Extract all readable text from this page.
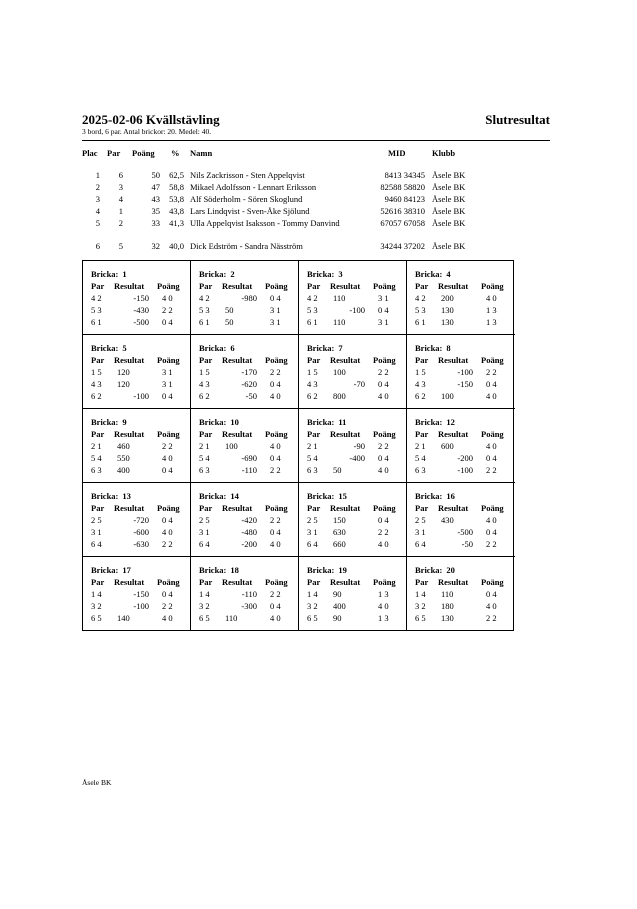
2025-02-06 Kvällstävling	Slutresultat
3 bord, 6 par. Antal brickor: 20. Medel: 40.
Plac Par Poäng % Namn	MID	Klubb
1	6	50	62,5 Nils Zackrisson - Sten Appelqvist	8413 34345 Åsele BK
2	3	47	58,8 Mikael Adolfsson - Lennart Eriksson	82588 58820 Åsele BK
3	4	43	53,8 Alf Söderholm - Sören Skoglund	9460 84123 Åsele BK
4	1	35	43,8 Lars Lindqvist - Sven-Åke Sjölund	52616 38310 Åsele BK
5	2	33	41,3 Ulla Appelqvist Isaksson - Tommy Danvind	67057 67058 Åsele BK
6	5	32	40,0 Dick Edström - Sandra Näsström	34244 37202 Åsele BK
Bricka: 1
Par Resultat Poäng
4 2	-150 4 0
5 3	-430 2 2
6 1	-500 0 4
Bricka: 2
Par Resultat Poäng
4 2	-980 0 4
5 3 50	3 1
6 1 50	3 1
Bricka: 3
Par Resultat Poäng
4 2 110	3 1
5 3	-100 0 4
6 1 110	3 1
Bricka: 4
Par Resultat Poäng
4 2 200	4 0
5 3 130	1 3
6 1 130	1 3
Bricka: 5
Par Resultat Poäng
1 5 120	3 1
4 3 120	3 1
6 2	-100 0 4
Bricka: 6
Par Resultat Poäng
1 5	-170 2 2
4 3	-620 0 4
6 2	-50 4 0
Bricka: 7
Par Resultat Poäng
1 5 100	2 2
4 3	-70 0 4
6 2 800	4 0
Bricka: 8
Par Resultat Poäng
1 5	-100 2 2
4 3	-150 0 4
6 2 100	4 0
Bricka: 9
Par Resultat Poäng
2 1 460	2 2
5 4 550	4 0
6 3 400	0 4
Bricka: 10
Par Resultat Poäng
2 1 100	4 0
5 4	-690 0 4
6 3	-110 2 2
Bricka: 11
Par Resultat Poäng
2 1	-90 2 2
5 4	-400 0 4
6 3 50	4 0
Bricka: 12
Par Resultat Poäng
2 1 600	4 0
5 4	-200 0 4
6 3	-100 2 2
Bricka: 13
Par Resultat Poäng
2 5	-720 0 4
3 1	-600 4 0
6 4	-630 2 2
Bricka: 14
Par Resultat Poäng
2 5	-420 2 2
3 1	-480 0 4
6 4	-200 4 0
Bricka: 15
Par Resultat Poäng
2 5 150	0 4
3 1 630	2 2
6 4 660	4 0
Bricka: 16
Par Resultat Poäng
2 5 430	4 0
3 1	-500 0 4
6 4	-50 2 2
Bricka: 17
Par Resultat Poäng
1 4	-150 0 4
3 2	-100 2 2
6 5 140	4 0
Bricka: 18
Par Resultat Poäng
1 4	-110 2 2
3 2	-300 0 4
6 5 110	4 0
Bricka: 19
Par Resultat Poäng
1 4 90	1 3
3 2 400	4 0
6 5 90	1 3
Bricka: 20
Par Resultat Poäng
1 4 110	0 4
3 2 180	4 0
6 5 130	2 2
Åsele BK
